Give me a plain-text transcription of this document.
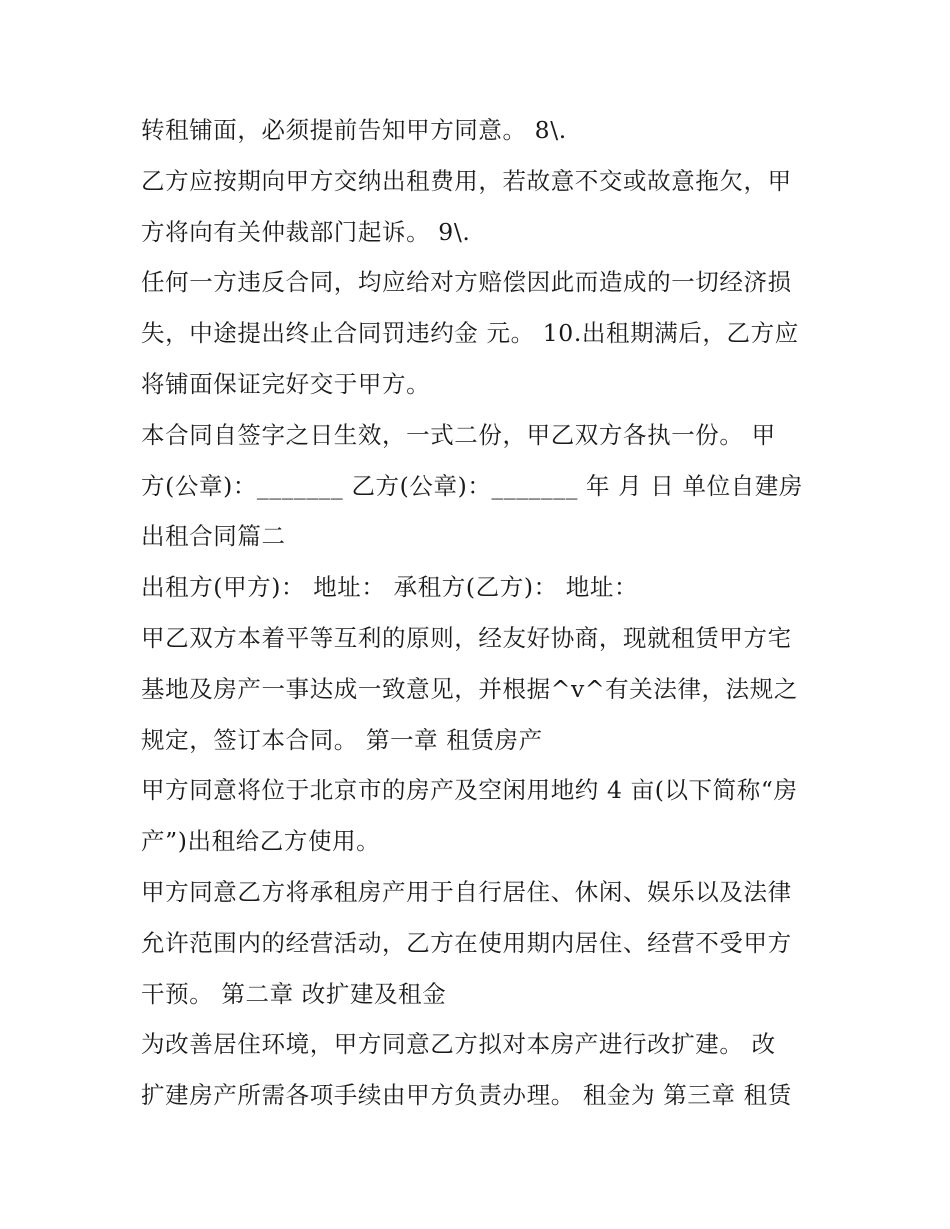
转租铺面，必须提前告知甲方同意。 8\.
乙方应按期向甲方交纳出租费用，若故意不交或故意拖欠，甲
方将向有关仲裁部门起诉。 9\.
任何一方违反合同，均应给对方赔偿因此而造成的一切经济损
失，中途提出终止合同罚违约金 元。 10.出租期满后，乙方应
将铺面保证完好交于甲方。
本合同自签字之日生效，一式二份，甲乙双方各执一份。 甲
方(公章)：_______ 乙方(公章)：_______ 年 月 日 单位自建房
出租合同篇二
出租方(甲方)： 地址： 承租方(乙方)： 地址：
甲乙双方本着平等互利的原则，经友好协商，现就租赁甲方宅
基地及房产一事达成一致意见，并根据^v^有关法律，法规之
规定，签订本合同。 第一章 租赁房产
甲方同意将位于北京市的房产及空闲用地约 4 亩(以下简称“房
产”)出租给乙方使用。
甲方同意乙方将承租房产用于自行居住、休闲、娱乐以及法律
允许范围内的经营活动，乙方在使用期内居住、经营不受甲方
干预。 第二章 改扩建及租金
为改善居住环境，甲方同意乙方拟对本房产进行改扩建。 改
扩建房产所需各项手续由甲方负责办理。 租金为 第三章 租赁
